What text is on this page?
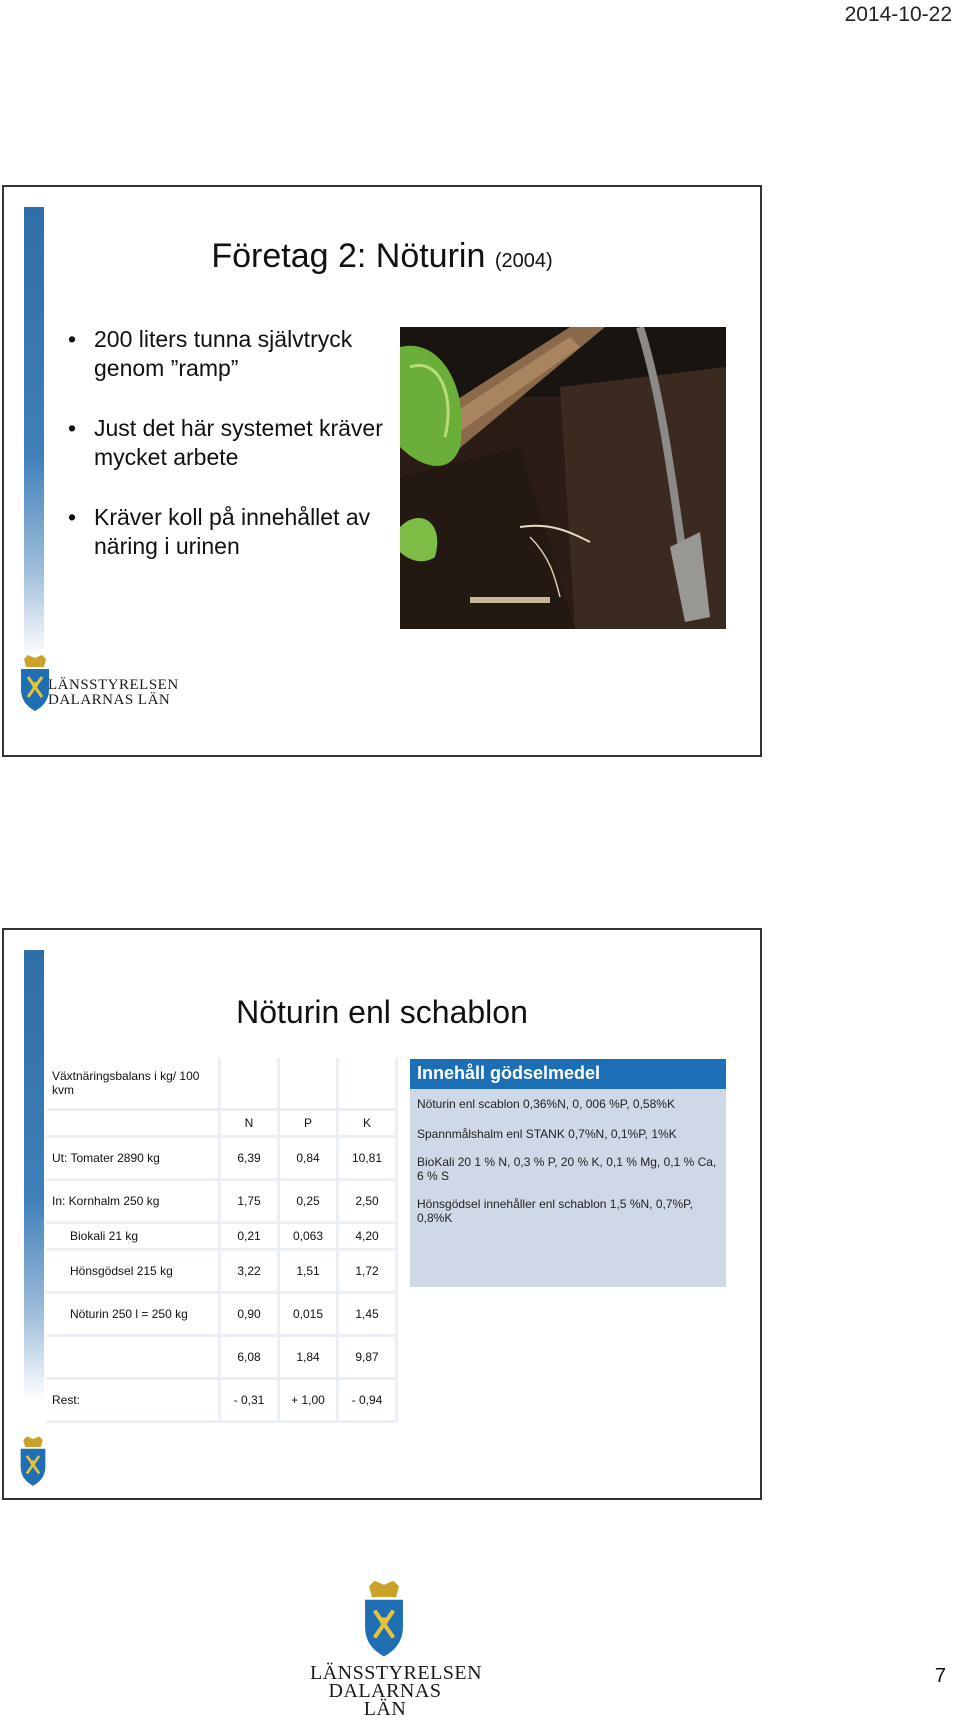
2014-10-22
Företag 2: Nöturin (2004)
• 200 liters tunna självtryck genom ”ramp”
• Just det här systemet kräver mycket arbete
• Kräver koll på innehållet av näring i urinen
LÄNSSTYRELSEN
DALARNAS LÄN
Nöturin enl schablon
Växtnäringsbalans i kg/ 100 kvm			
	N	P	K
Ut: Tomater 2890 kg	6,39	0,84	10,81
In: Kornhalm 250 kg	1,75	0,25	2,50
Biokali 21 kg	0,21	0,063	4,20
Hönsgödsel 215 kg	3,22	1,51	1,72
Nöturin 250 l = 250 kg	0,90	0,015	1,45
	6,08	1,84	9,87
Rest:	- 0,31	+ 1,00	- 0,94
Innehåll gödselmedel

Nöturin enl scablon 0,36%N, 0, 006 %P, 0,58%K

Spannmålshalm enl STANK 0,7%N, 0,1%P, 1%K

BioKali 20 1 % N, 0,3 % P, 20 % K, 0,1 % Mg, 0,1 % Ca, 6 % S

Hönsgödsel innehåller enl schablon 1,5 %N, 0,7%P, 0,8%K

LÄNSSTYRELSEN
DALARNAS LÄN
7
